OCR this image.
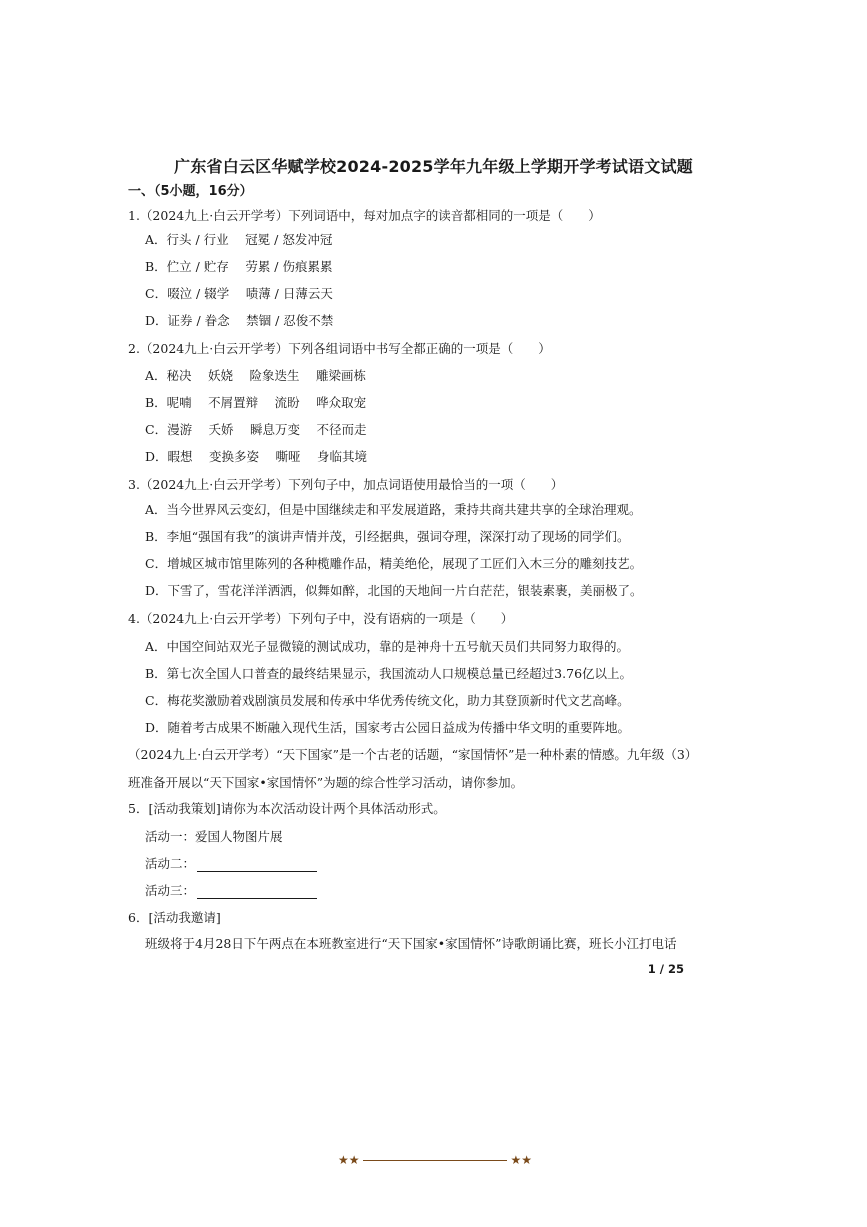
广东省白云区华赋学校2024-2025学年九年级上学期开学考试语文试题
一、（5小题，16分）
1.（2024九上·白云开学考）下列词语中，每对加点字的读音都相同的一项是（　　）
A．行头 / 行业　 冠冕 / 怒发冲冠
B．伫立 / 贮存　 劳累 / 伤痕累累
C．啜泣 / 辍学　 啧薄 / 日薄云天
D．证券 / 眷念　 禁锢 / 忍俊不禁
2.（2024九上·白云开学考）下列各组词语中书写全都正确的一项是（　　）
A．秘决　 妖娆　 险象迭生　 雕梁画栋
B．呢喃　 不屑置辩　 流盼　 哗众取宠
C．漫游　 夭娇　 瞬息万变　 不径而走
D．暇想　 变换多姿　 嘶哑　 身临其境
3.（2024九上·白云开学考）下列句子中，加点词语使用最恰当的一项（　　）
A．当今世界风云变幻，但是中国继续走和平发展道路，秉持共商共建共享的全球治理观。
B．李旭“强国有我”的演讲声情并茂，引经据典，强词夺理，深深打动了现场的同学们。
C．增城区城市馆里陈列的各种榄雕作品，精美绝伦，展现了工匠们入木三分的雕刻技艺。
D．下雪了，雪花洋洋洒洒，似舞如醉，北国的天地间一片白茫茫，银装素裹，美丽极了。
4.（2024九上·白云开学考）下列句子中，没有语病的一项是（　　）
A．中国空间站双光子显微镜的测试成功，靠的是神舟十五号航天员们共同努力取得的。
B．第七次全国人口普查的最终结果显示，我国流动人口规模总量已经超过3.76亿以上。
C．梅花奖激励着戏剧演员发展和传承中华优秀传统文化，助力其登顶新时代文艺高峰。
D．随着考古成果不断融入现代生活，国家考古公园日益成为传播中华文明的重要阵地。
（2024九上·白云开学考）“天下国家”是一个古老的话题，“家国情怀”是一种朴素的情感。九年级（3）
班准备开展以“天下国家•家国情怀”为题的综合性学习活动，请你参加。
5．[活动我策划]请你为本次活动设计两个具体活动形式。
活动一：爱国人物图片展
活动二：
活动三：
6．[活动我邀请]
班级将于4月28日下午两点在本班教室进行“天下国家•家国情怀”诗歌朗诵比赛，班长小江打电话
1 / 25
★★	★★
